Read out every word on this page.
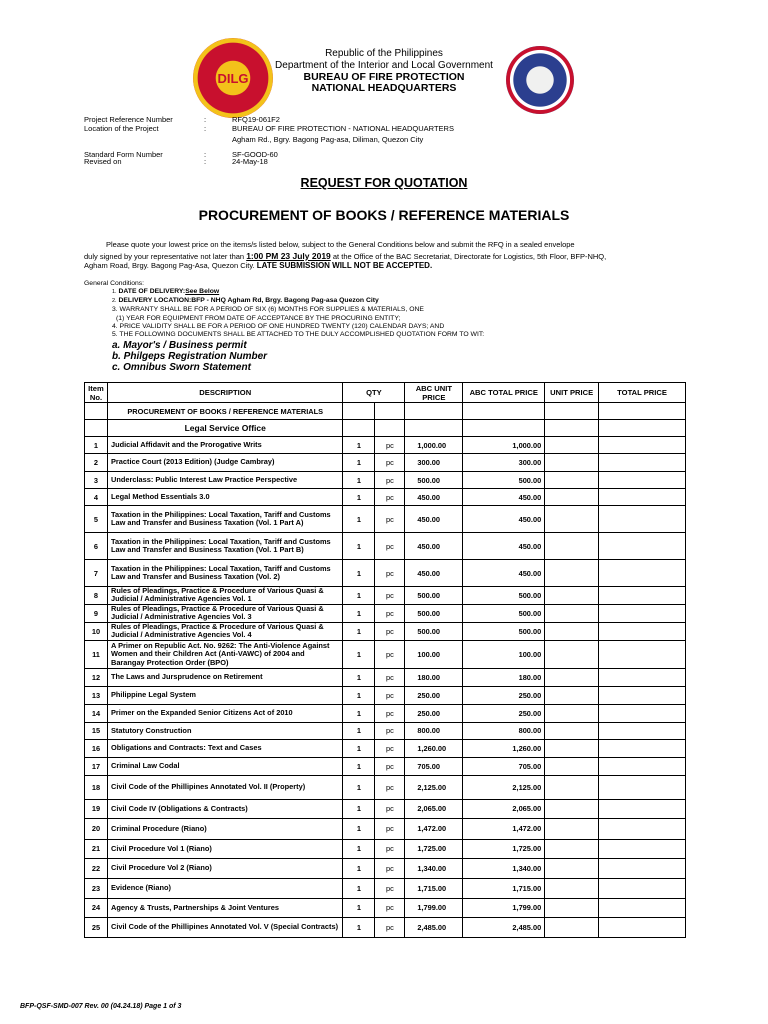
DILG
Republic of the Philippines
Department of the Interior and Local Government
BUREAU OF FIRE PROTECTION
NATIONAL HEADQUARTERS
Project Reference Number	:	RFQ19-061F2
Location of the Project	:	BUREAU OF FIRE PROTECTION - NATIONAL HEADQUARTERS
Agham Rd., Bgry. Bagong Pag-asa, Diliman, Quezon City
Standard Form Number	:	SF-GOOD-60
Revised on	:	24-May-18
REQUEST FOR QUOTATION
PROCUREMENT OF BOOKS / REFERENCE MATERIALS
Please quote your lowest price on the items/s listed below, subject to the General Conditions below and submit the RFQ in a sealed envelope
duly signed by your representative not later than 1:00 PM 23 July 2019 at the Office of the BAC Secretariat, Directorate for Logistics, 5th Floor, BFP-NHQ,
Agham Road, Brgy. Bagong Pag-Asa, Quezon City. LATE SUBMISSION WILL NOT BE ACCEPTED.
General Conditions:
1. DATE OF DELIVERY:See Below
2. DELIVERY LOCATION:BFP - NHQ Agham Rd, Brgy. Bagong Pag-asa Quezon City
3. WARRANTY SHALL BE FOR A PERIOD OF SIX (6) MONTHS FOR SUPPLIES & MATERIALS, ONE
(1) YEAR FOR EQUIPMENT FROM DATE OF ACCEPTANCE BY THE PROCURING ENTITY;
4. PRICE VALIDITY SHALL BE FOR A PERIOD OF ONE HUNDRED TWENTY (120) CALENDAR DAYS; AND
5. THE FOLLOWING DOCUMENTS SHALL BE ATTACHED TO THE DULY ACCOMPLISHED QUOTATION FORM TO WIT:
a. Mayor's / Business permit
b. Philgeps Registration Number
c. Omnibus Sworn Statement
Item No.	DESCRIPTION	QTY		ABC UNIT PRICE	ABC TOTAL PRICE	UNIT PRICE	TOTAL PRICE
	PROCUREMENT OF BOOKS / REFERENCE MATERIALS						
	Legal Service Office						
1	Judicial Affidavit and the Prorogative Writs	1	pc	1,000.00	1,000.00		
2	Practice Court (2013 Edition) (Judge Cambray)	1	pc	300.00	300.00		
3	Underclass: Public Interest Law Practice Perspective	1	pc	500.00	500.00		
4	Legal Method Essentials 3.0	1	pc	450.00	450.00		
5	Taxation in the Philippines: Local Taxation, Tariff and Customs Law and Transfer and Business Taxation (Vol. 1 Part A)	1	pc	450.00	450.00		
6	Taxation in the Philippines: Local Taxation, Tariff and Customs Law and Transfer and Business Taxation (Vol. 1 Part B)	1	pc	450.00	450.00		
7	Taxation in the Philippines: Local Taxation, Tariff and Customs Law and Transfer and Business Taxation (Vol. 2)	1	pc	450.00	450.00		
8	Rules of Pleadings, Practice & Procedure of Various Quasi & Judicial / Administrative Agencies Vol. 1	1	pc	500.00	500.00		
9	Rules of Pleadings, Practice & Procedure of Various Quasi & Judicial / Administrative Agencies Vol. 3	1	pc	500.00	500.00		
10	Rules of Pleadings, Practice & Procedure of Various Quasi & Judicial / Administrative Agencies Vol. 4	1	pc	500.00	500.00		
11	A Primer on Republic Act. No. 9262: The Anti-Violence Against Women and their Children Act (Anti-VAWC) of 2004 and Barangay Protection Order (BPO)	1	pc	100.00	100.00		
12	The Laws and Jursprudence on Retirement	1	pc	180.00	180.00		
13	Philippine Legal System	1	pc	250.00	250.00		
14	Primer on the Expanded Senior Citizens Act of 2010	1	pc	250.00	250.00		
15	Statutory Construction	1	pc	800.00	800.00		
16	Obligations and Contracts: Text and Cases	1	pc	1,260.00	1,260.00		
17	Criminal Law Codal	1	pc	705.00	705.00		
18	Civil Code of the Phillipines Annotated Vol. II (Property)	1	pc	2,125.00	2,125.00		
19	Civil Code IV (Obligations & Contracts)	1	pc	2,065.00	2,065.00		
20	Criminal Procedure (Riano)	1	pc	1,472.00	1,472.00		
21	Civil Procedure Vol 1 (Riano)	1	pc	1,725.00	1,725.00		
22	Civil Procedure Vol 2 (Riano)	1	pc	1,340.00	1,340.00		
23	Evidence (Riano)	1	pc	1,715.00	1,715.00		
24	Agency & Trusts, Partnerships & Joint Ventures	1	pc	1,799.00	1,799.00		
25	Civil Code of the Phillipines Annotated Vol. V (Special Contracts)	1	pc	2,485.00	2,485.00		
BFP-QSF-SMD-007 Rev. 00 (04.24.18) Page 1 of 3
